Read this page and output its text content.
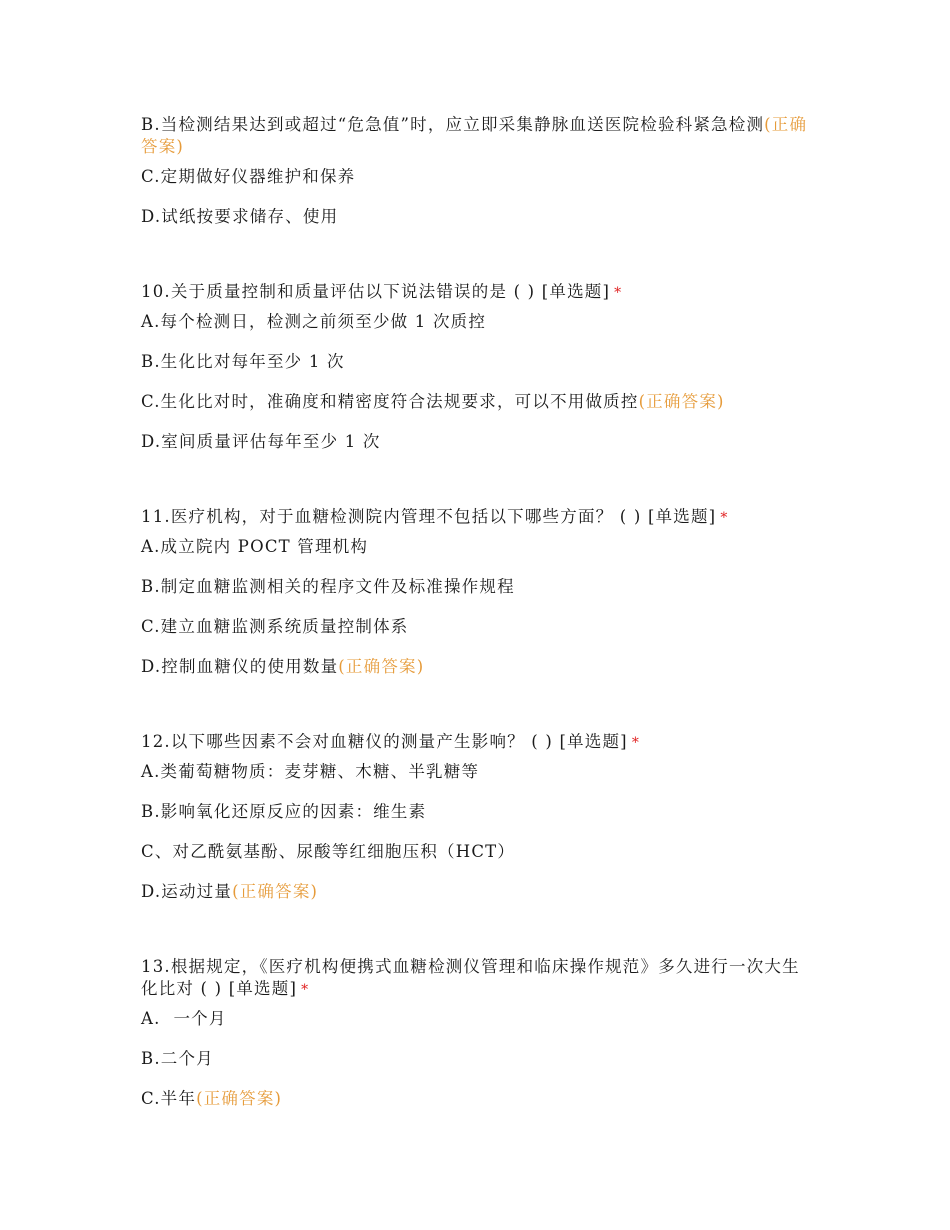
B.当检测结果达到或超过“危急值”时，应立即采集静脉血送医院检验科紧急检测(正确答案)
C.定期做好仪器维护和保养
D.试纸按要求储存、使用
10.关于质量控制和质量评估以下说法错误的是 ( ) [单选题] *
A.每个检测日，检测之前须至少做 1 次质控
B.生化比对每年至少 1 次
C.生化比对时，准确度和精密度符合法规要求，可以不用做质控(正确答案)
D.室间质量评估每年至少 1 次
11.医疗机构，对于血糖检测院内管理不包括以下哪些方面？ ( ) [单选题] *
A.成立院内 POCT 管理机构
B.制定血糖监测相关的程序文件及标准操作规程
C.建立血糖监测系统质量控制体系
D.控制血糖仪的使用数量(正确答案)
12.以下哪些因素不会对血糖仪的测量产生影响？ ( ) [单选题] *
A.类葡萄糖物质：麦芽糖、木糖、半乳糖等
B.影响氧化还原反应的因素：维生素
C、对乙酰氨基酚、尿酸等红细胞压积（HCT）
D.运动过量(正确答案)
13.根据规定，《医疗机构便携式血糖检测仪管理和临床操作规范》多久进行一次大生化比对 ( ) [单选题] *
A.  一个月
B.二个月
C.半年(正确答案)
